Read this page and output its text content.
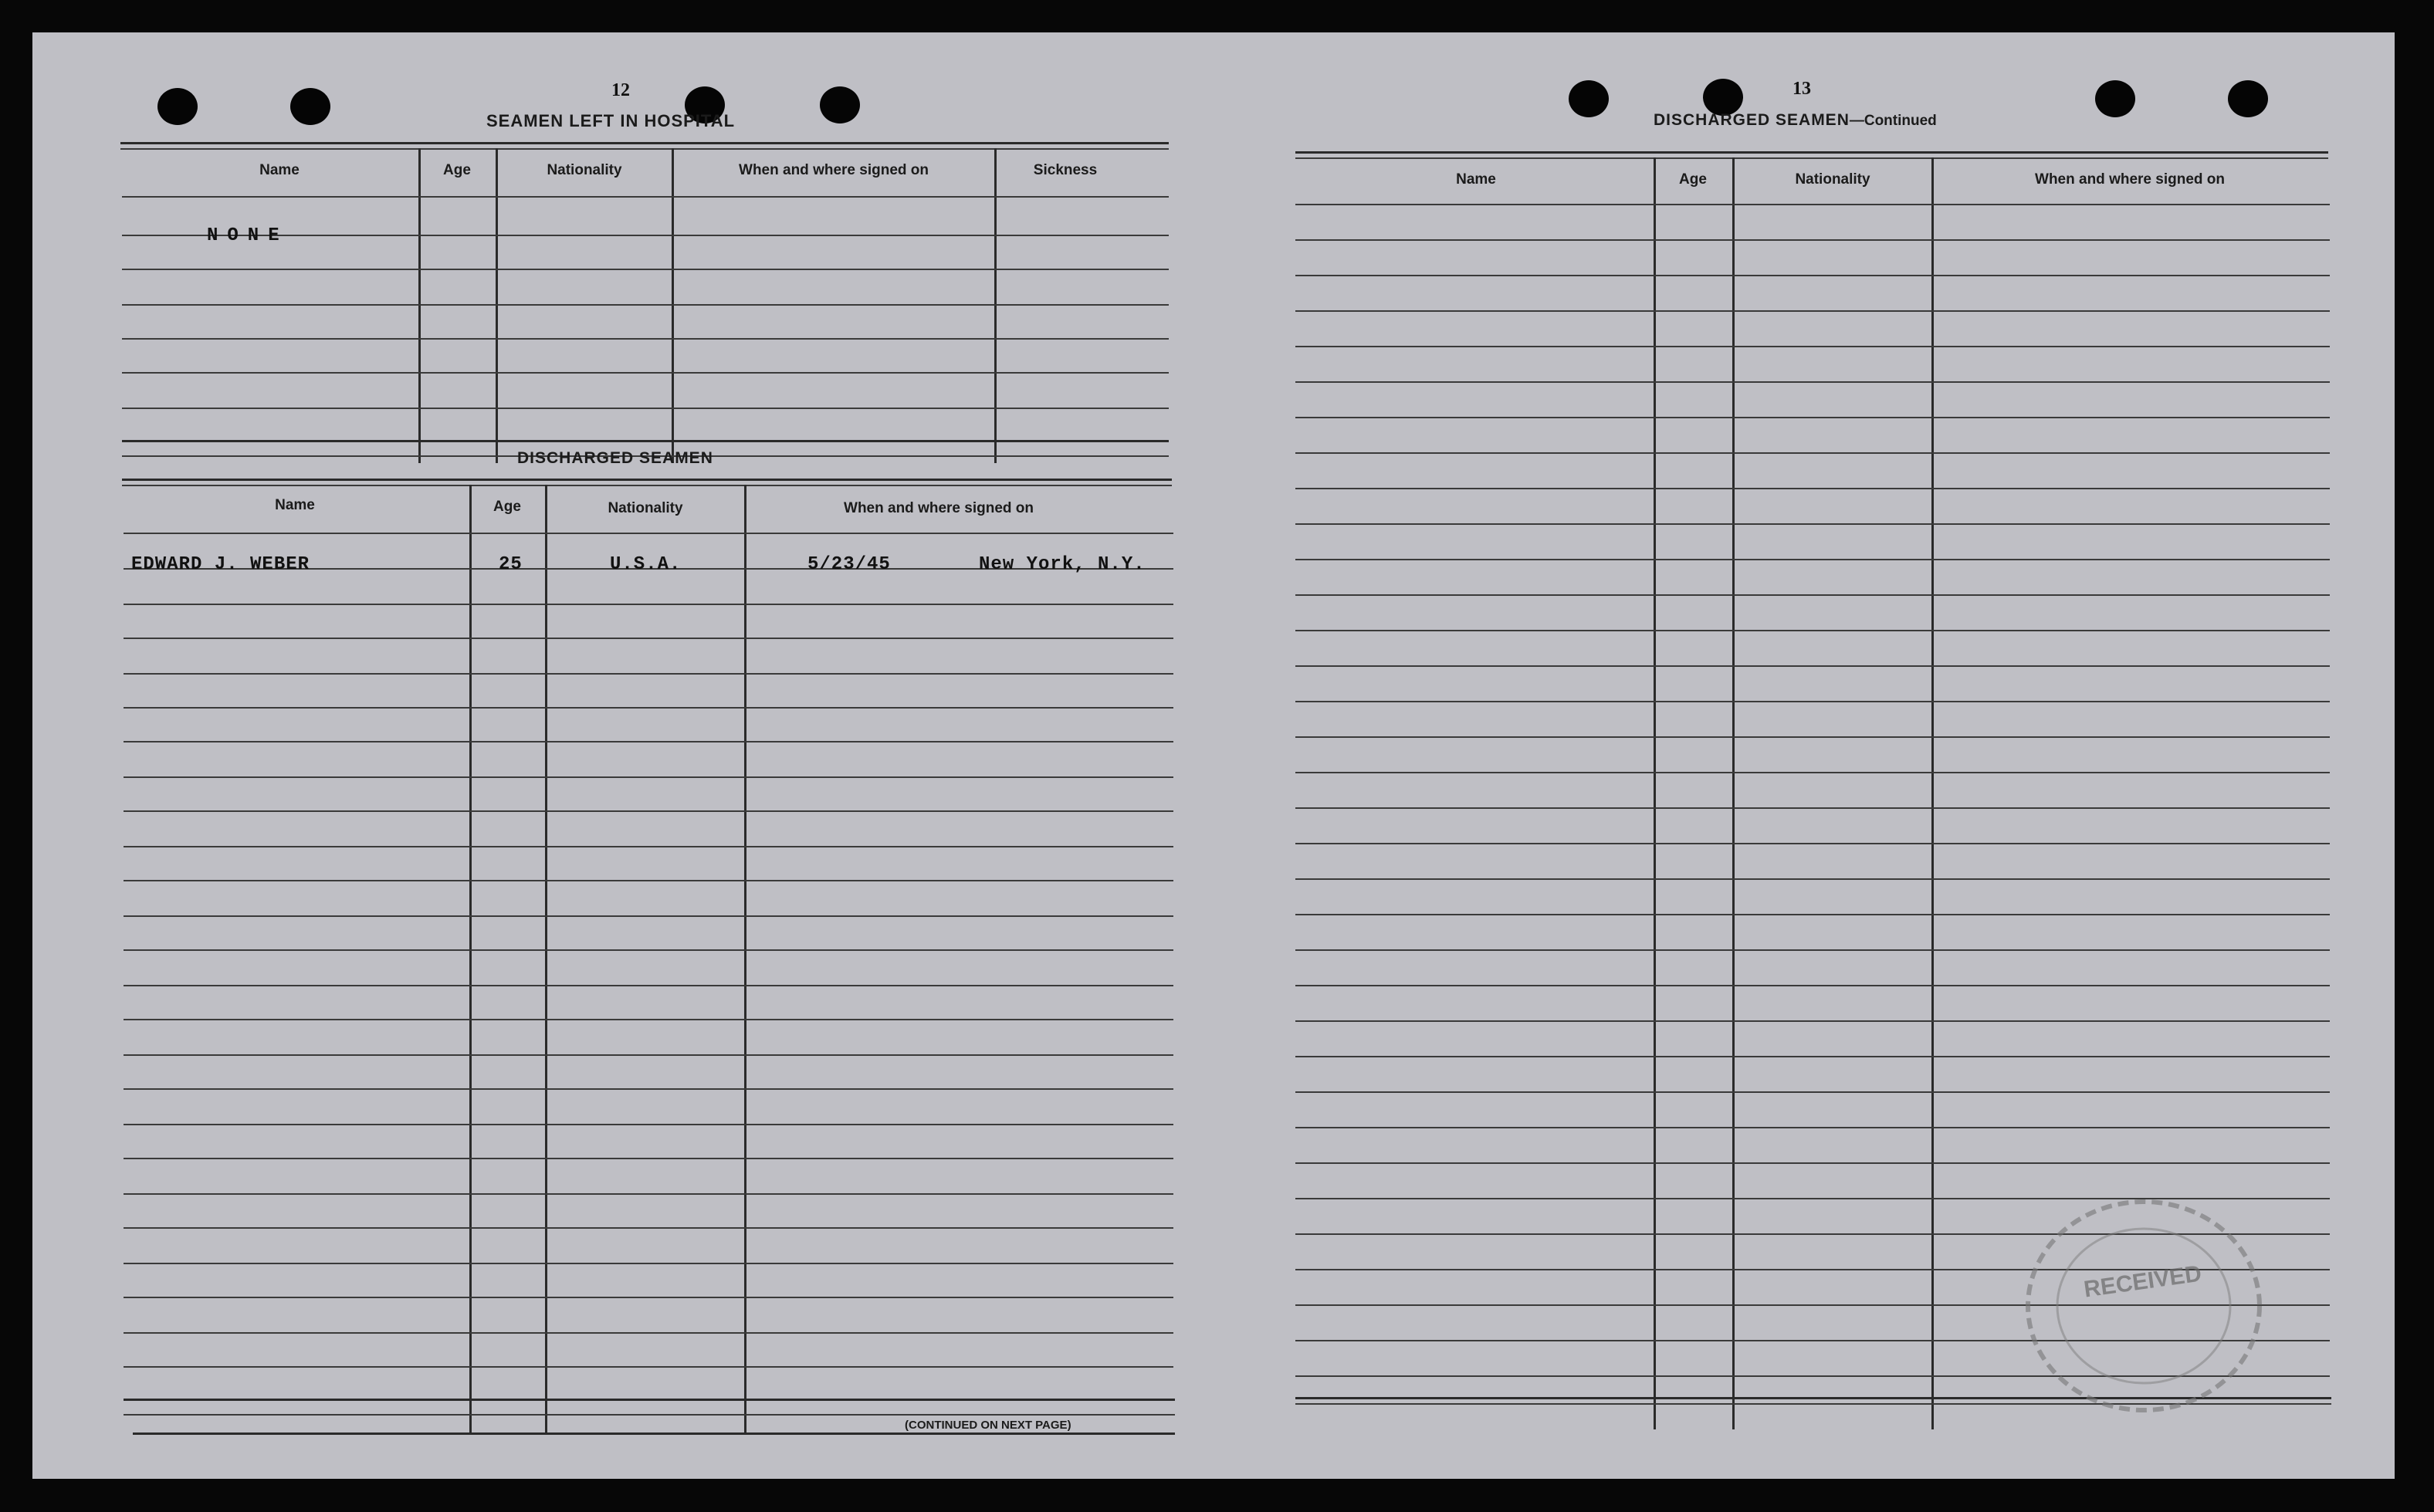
12
SEAMEN LEFT IN HOSPITAL
Name	Age	Nationality	When and where signed on	Sickness
NONE
DISCHARGED SEAMEN
Name	Age	Nationality	When and where signed on
EDWARD J. WEBER	25	U.S.A.	5/23/45	New York, N.Y.
(CONTINUED ON NEXT PAGE)
13
DISCHARGED SEAMEN—Continued
Name	Age	Nationality	When and where signed on
RECEIVED
